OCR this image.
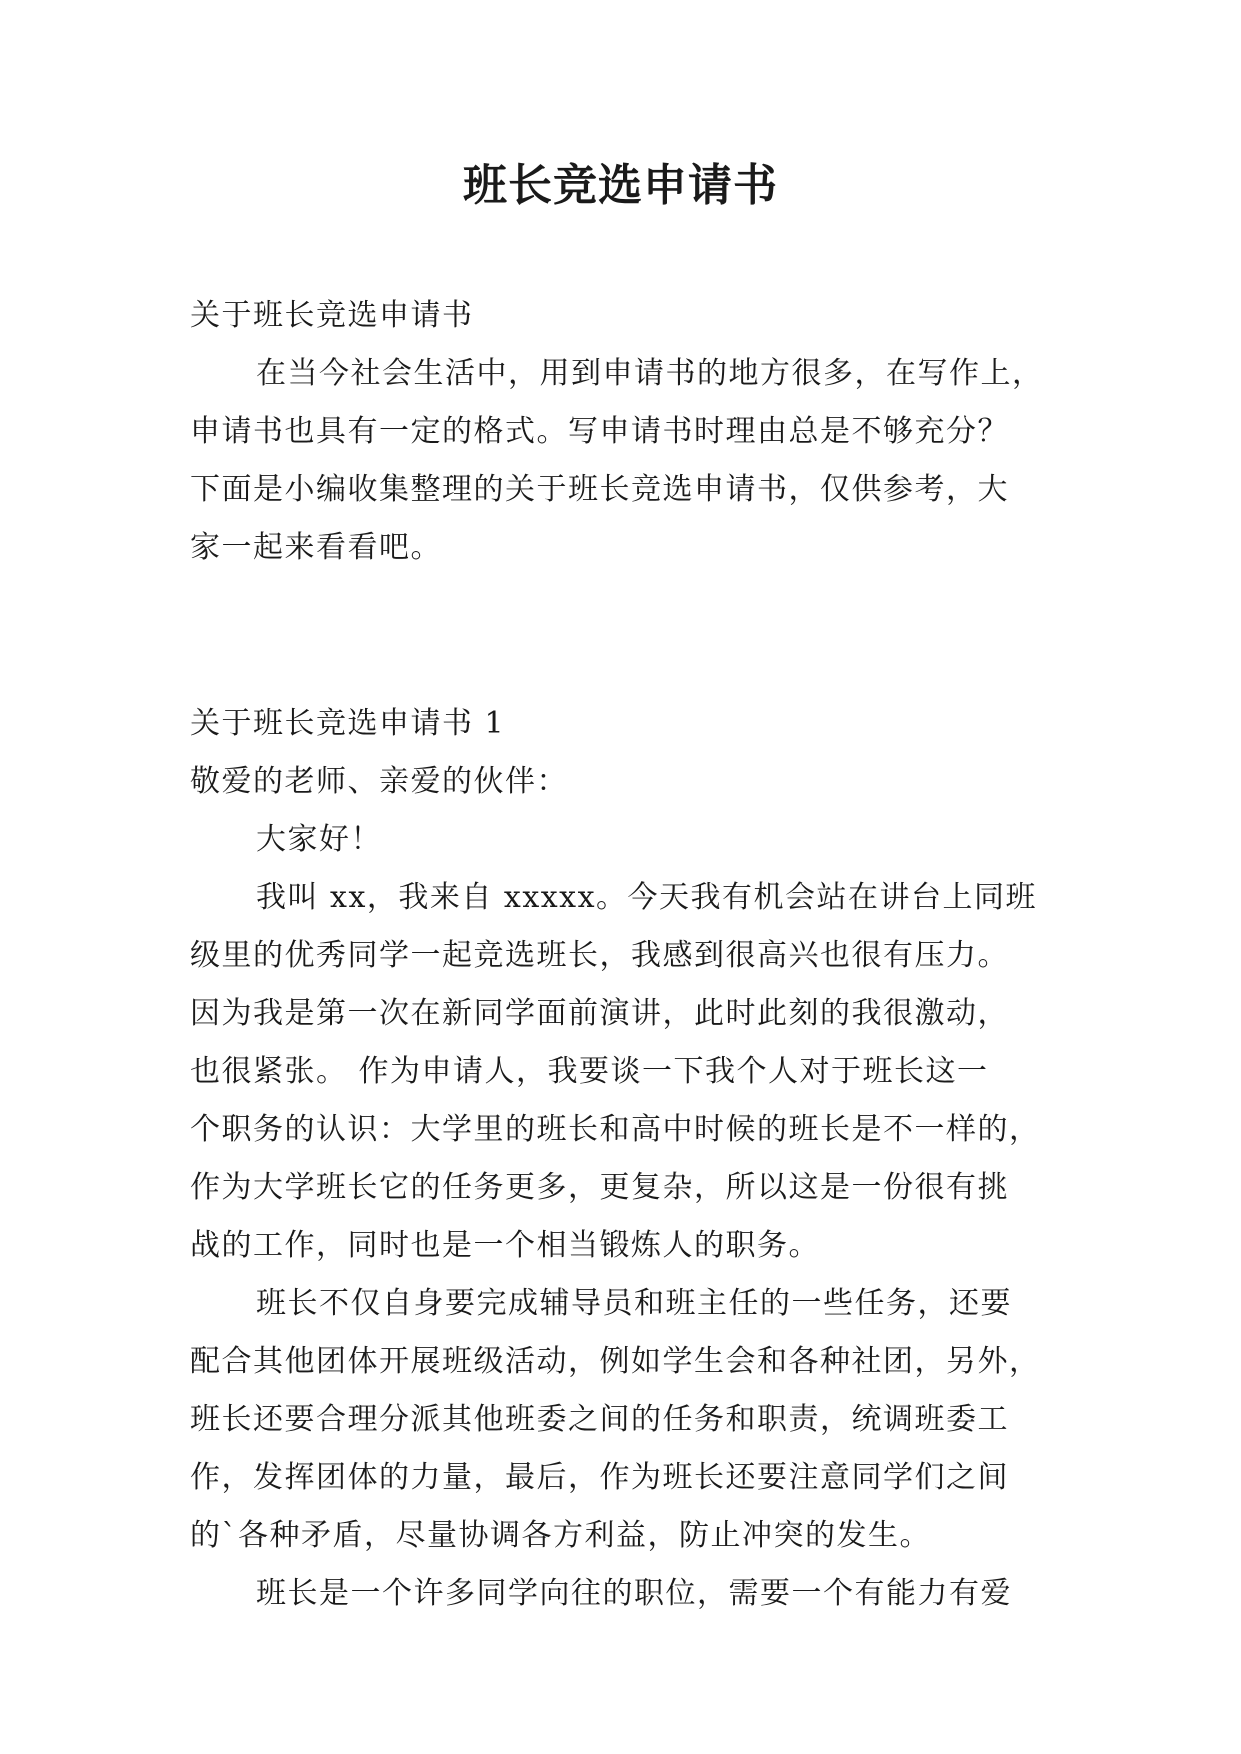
班长竞选申请书
关于班长竞选申请书
在当今社会生活中，用到申请书的地方很多，在写作上，
申请书也具有一定的格式。写申请书时理由总是不够充分？
下面是小编收集整理的关于班长竞选申请书，仅供参考，大
家一起来看看吧。
关于班长竞选申请书 1
敬爱的老师、亲爱的伙伴：
大家好！
我叫 xx，我来自 xxxxx。今天我有机会站在讲台上同班
级里的优秀同学一起竞选班长，我感到很高兴也很有压力。
因为我是第一次在新同学面前演讲，此时此刻的我很激动，
也很紧张。 作为申请人，我要谈一下我个人对于班长这一
个职务的认识：大学里的班长和高中时候的班长是不一样的，
作为大学班长它的任务更多，更复杂，所以这是一份很有挑
战的工作，同时也是一个相当锻炼人的职务。
班长不仅自身要完成辅导员和班主任的一些任务，还要
配合其他团体开展班级活动，例如学生会和各种社团，另外，
班长还要合理分派其他班委之间的任务和职责，统调班委工
作，发挥团体的力量，最后，作为班长还要注意同学们之间
的`各种矛盾，尽量协调各方利益，防止冲突的发生。
班长是一个许多同学向往的职位，需要一个有能力有爱
